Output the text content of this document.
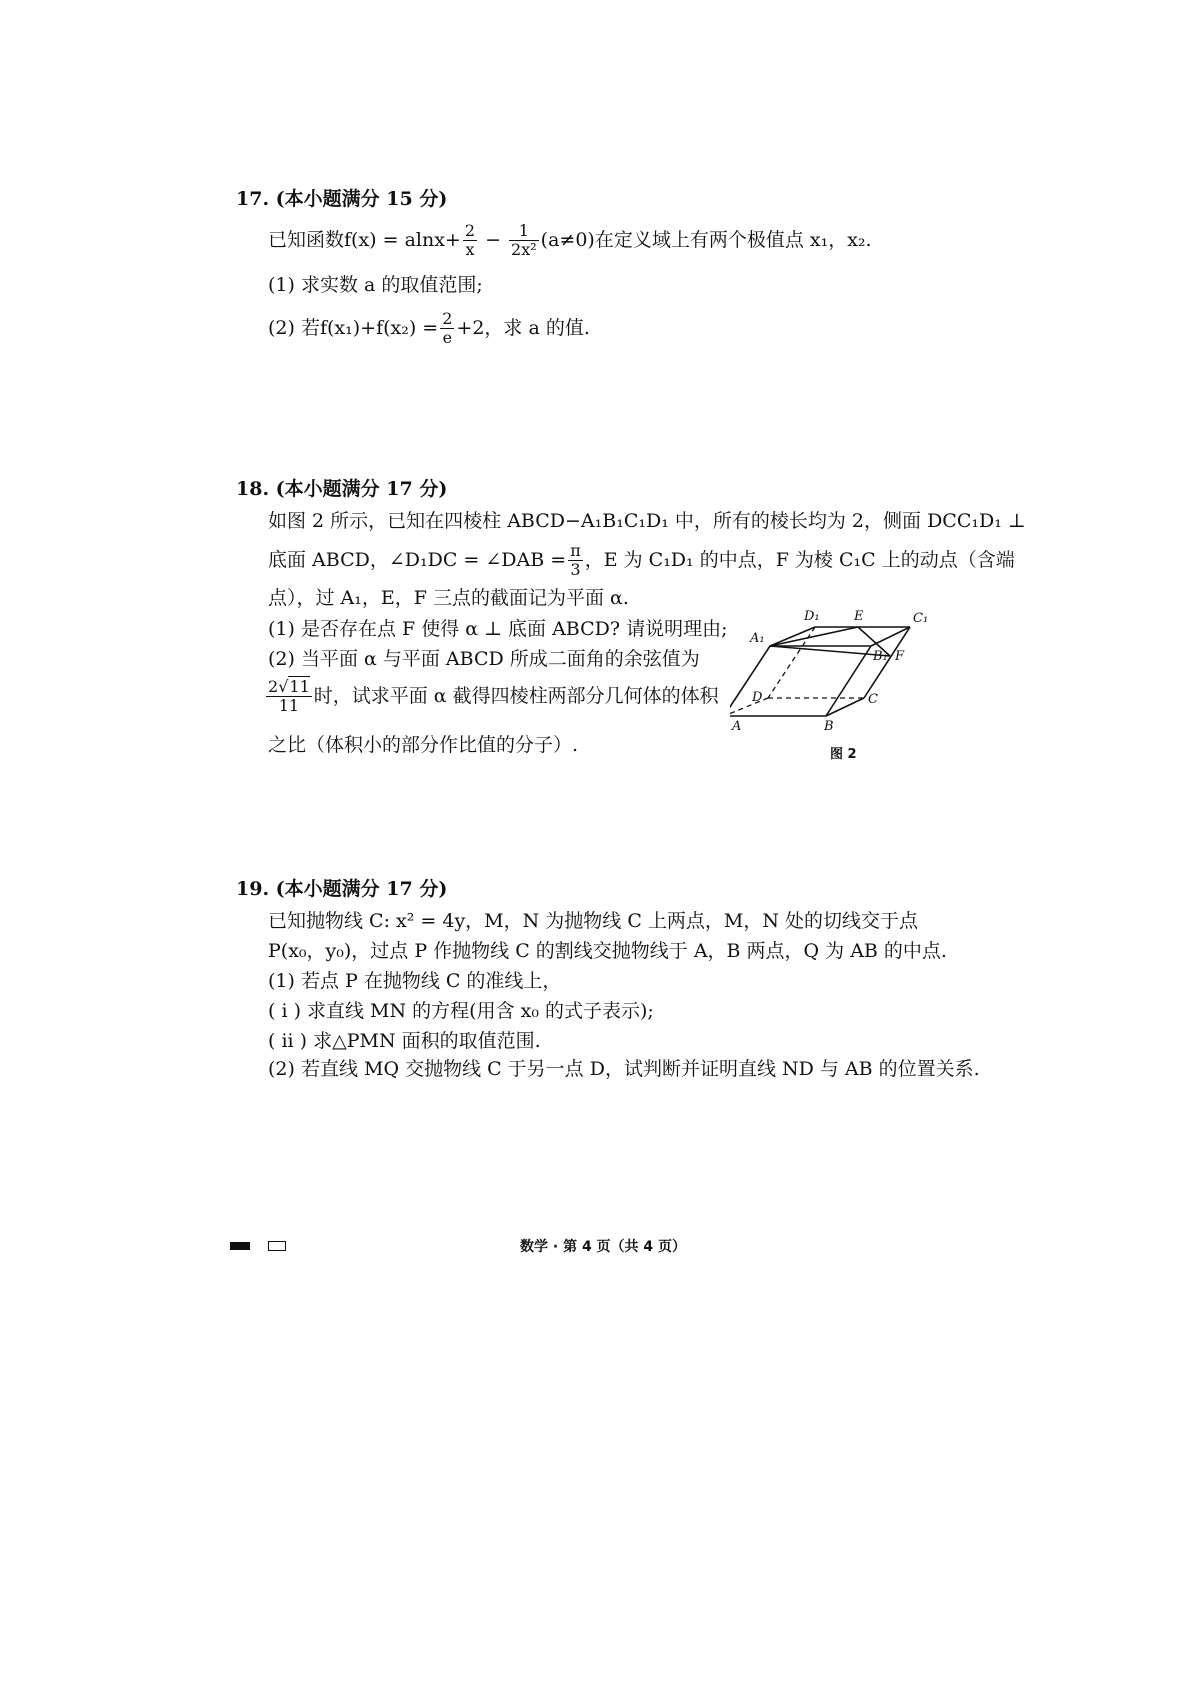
17. (本小题满分 15 分)
已知函数$f(x) = alnx+ \frac{2}{x} - \frac{1}{\text{2x²}} (a\ne 0)$在定义域上有两个极值点 x₁，x₂.
(1) 求实数 a 的取值范围;
(2) 若$f(x_1)+f(x_2) = \frac{2}{e} +2$，求 a 的值.
18. (本小题满分 17 分)
如图 2 所示，已知在四棱柱 ABCD−A₁B₁C₁D₁ 中，所有的棱长均为 2，侧面 DCC₁D₁ ⊥
底面 ABCD，∠D₁DC = ∠DAB = $\frac{\pi}{3}$ ，E 为 C₁D₁ 的中点，F 为棱 C₁C 上的动点（含端
点），过 A₁，E，F 三点的截面记为平面 α.
(1) 是否存在点 F 使得 α ⊥ 底面 ABCD? 请说明理由;
(2) 当平面 α 与平面 ABCD 所成二面角的余弦值为
$\frac{2√11}{11}$ 时，试求平面 α 截得四棱柱两部分几何体的体积
之比（体积小的部分作比值的分子）.
D₁	E	C₁
A₁
B₁ F
D	C
A	B
图 2
19. (本小题满分 17 分)
已知抛物线 C: x² = 4y，M，N 为抛物线 C 上两点，M，N 处的切线交于点
P(x₀，y₀)，过点 P 作抛物线 C 的割线交抛物线于 A，B 两点，Q 为 AB 的中点.
(1) 若点 P 在抛物线 C 的准线上，
( i ) 求直线 MN 的方程(用含 x₀ 的式子表示);
( ii ) 求△PMN 面积的取值范围.
(2) 若直线 MQ 交抛物线 C 于另一点 D，试判断并证明直线 ND 与 AB 的位置关系.
数学 · 第 4 页（共 4 页）
